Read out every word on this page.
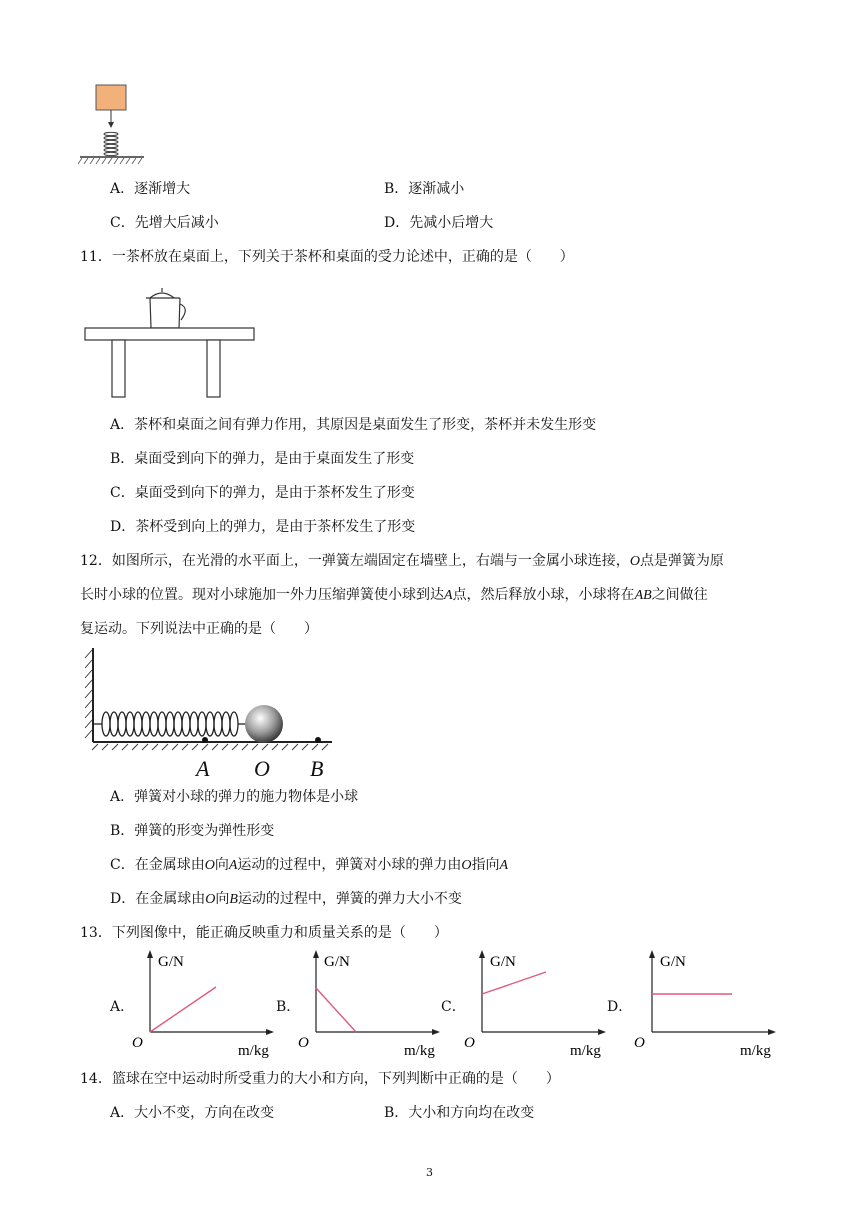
A．逐渐增大	B．逐渐减小
C．先增大后减小	D．先减小后增大
11．一茶杯放在桌面上，下列关于茶杯和桌面的受力论述中，正确的是（　　）
A．茶杯和桌面之间有弹力作用，其原因是桌面发生了形变，茶杯并未发生形变
B．桌面受到向下的弹力，是由于桌面发生了形变
C．桌面受到向下的弹力，是由于茶杯发生了形变
D．茶杯受到向上的弹力，是由于茶杯发生了形变
12．如图所示，在光滑的水平面上，一弹簧左端固定在墙壁上，右端与一金属小球连接，O点是弹簧为原
长时小球的位置。现对小球施加一外力压缩弹簧使小球到达A点，然后释放小球，小球将在AB之间做往
复运动。下列说法中正确的是（　　）
A O B
A．弹簧对小球的弹力的施力物体是小球
B．弹簧的形变为弹性形变
C．在金属球由O向A运动的过程中，弹簧对小球的弹力由O指向A
D．在金属球由O向B运动的过程中，弹簧的弹力大小不变
13．下列图像中，能正确反映重力和质量关系的是（　　）
A．
G/N
O	m/kg
B．
G/N
O	m/kg
C．
G/N
O	m/kg
D．
G/N
O	m/kg
14．篮球在空中运动时所受重力的大小和方向，下列判断中正确的是（　　）
A．大小不变，方向在改变	B．大小和方向均在改变
3
